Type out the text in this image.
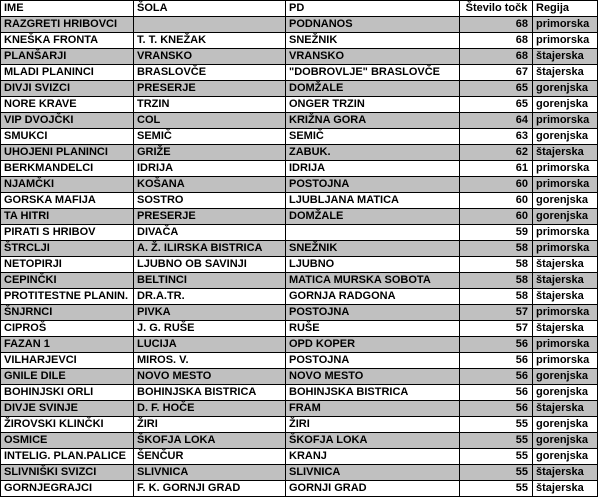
IME	ŠOLA	PD	Število točk	Regija
RAZGRETI HRIBOVCI		PODNANOS	68	primorska
KNEŠKA FRONTA	T. T. KNEŽAK	SNEŽNIK	68	primorska
PLANŠARJI	VRANSKO	VRANSKO	68	štajerska
MLADI PLANINCI	BRASLOVČE	"DOBROVLJE" BRASLOVČE	67	štajerska
DIVJI SVIZCI	PRESERJE	DOMŽALE	65	gorenjska
NORE KRAVE	TRZIN	ONGER TRZIN	65	gorenjska
VIP DVOJČKI	COL	KRIŽNA GORA	64	primorska
SMUKCI	SEMIČ	SEMIČ	63	gorenjska
UHOJENI PLANINCI	GRIŽE	ZABUK.	62	štajerska
BERKMANDELCI	IDRIJA	IDRIJA	61	primorska
NJAMČKI	KOŠANA	POSTOJNA	60	primorska
GORSKA MAFIJA	SOSTRO	LJUBLJANA MATICA	60	gorenjska
TA HITRI	PRESERJE	DOMŽALE	60	gorenjska
PIRATI S HRIBOV	DIVAČA		59	primorska
ŠTRCLJI	A. Ž. ILIRSKA BISTRICA	SNEŽNIK	58	primorska
NETOPIRJI	LJUBNO OB SAVINJI	LJUBNO	58	štajerska
CEPINČKI	BELTINCI	MATICA MURSKA SOBOTA	58	štajerska
PROTITESTNE PLANIN.	DR.A.TR.	GORNJA RADGONA	58	štajerska
ŠNJRNCI	PIVKA	POSTOJNA	57	primorska
CIPROŠ	J. G. RUŠE	RUŠE	57	štajerska
FAZAN 1	LUCIJA	OPD KOPER	56	primorska
VILHARJEVCI	MIROS. V.	POSTOJNA	56	primorska
GNILE DILE	NOVO MESTO	NOVO MESTO	56	gorenjska
BOHINJSKI ORLI	BOHINJSKA BISTRICA	BOHINJSKA BISTRICA	56	gorenjska
DIVJE SVINJE	D. F. HOČE	FRAM	56	štajerska
ŽIROVSKI KLINČKI	ŽIRI	ŽIRI	55	gorenjska
OSMICE	ŠKOFJA LOKA	ŠKOFJA LOKA	55	gorenjska
INTELIG. PLAN.PALICE	ŠENČUR	KRANJ	55	gorenjska
SLIVNIŠKI SVIZCI	SLIVNICA	SLIVNICA	55	štajerska
GORNJEGRAJCI	F. K. GORNJI GRAD	GORNJI GRAD	55	štajerska
